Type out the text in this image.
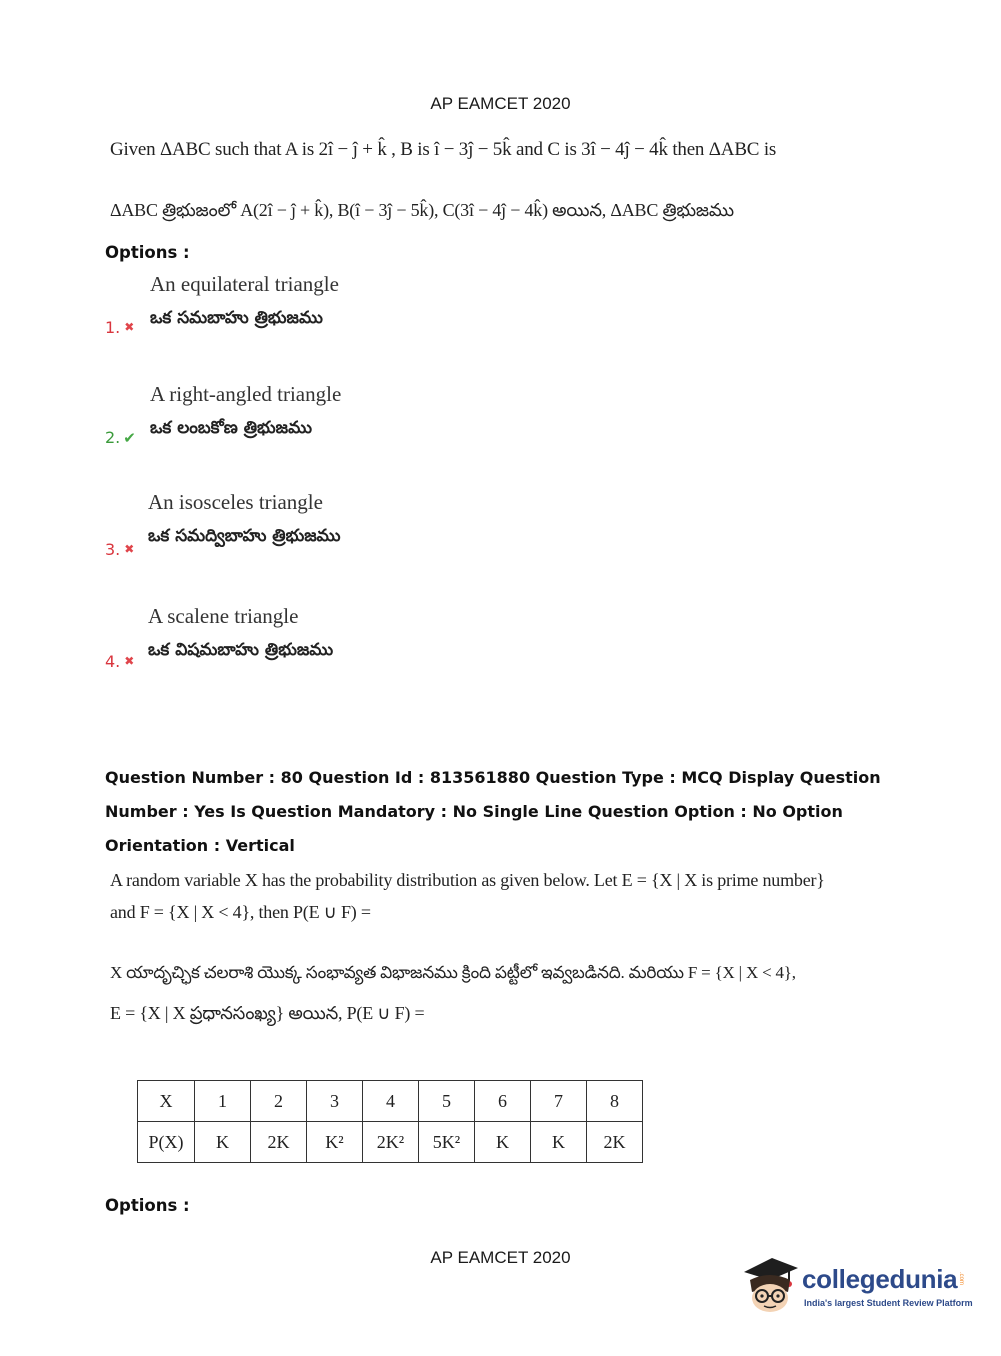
AP EAMCET 2020
Given ΔABC such that A is 2î − ĵ + k̂ , B is î − 3ĵ − 5k̂ and C is 3î − 4ĵ − 4k̂ then ΔABC is
ΔABC త్రిభుజంలో A(2î − ĵ + k̂), B(î − 3ĵ − 5k̂), C(3î − 4ĵ − 4k̂) అయిన, ΔABC త్రిభుజము
Options :
An equilateral triangle
ఒక సమబాహు త్రిభుజము
1. ✖
A right-angled triangle
ఒక లంబకోణ త్రిభుజము
2. ✔
An isosceles triangle
ఒక సమద్విబాహు త్రిభుజము
3. ✖
A scalene triangle
ఒక విషమబాహు త్రిభుజము
4. ✖
Question Number : 80 Question Id : 813561880 Question Type : MCQ Display Question
Number : Yes Is Question Mandatory : No Single Line Question Option : No Option
Orientation : Vertical
A random variable X has the probability distribution as given below. Let E = {X | X is prime number}
and F = {X | X < 4}, then P(E ∪ F) =
X యాదృచ్ఛిక చలరాశి యొక్క సంభావ్యత విభాజనము క్రింది పట్టీలో ఇవ్వబడినది. మరియు F = {X | X < 4},
E = {X | X ప్రధానసంఖ్య} అయిన, P(E ∪ F) =
X	1	2	3	4	5	6	7	8
P(X)	K	2K	K²	2K²	5K²	K	K	2K
Options :
AP EAMCET 2020
collegedunia .com
India's largest Student Review Platform
